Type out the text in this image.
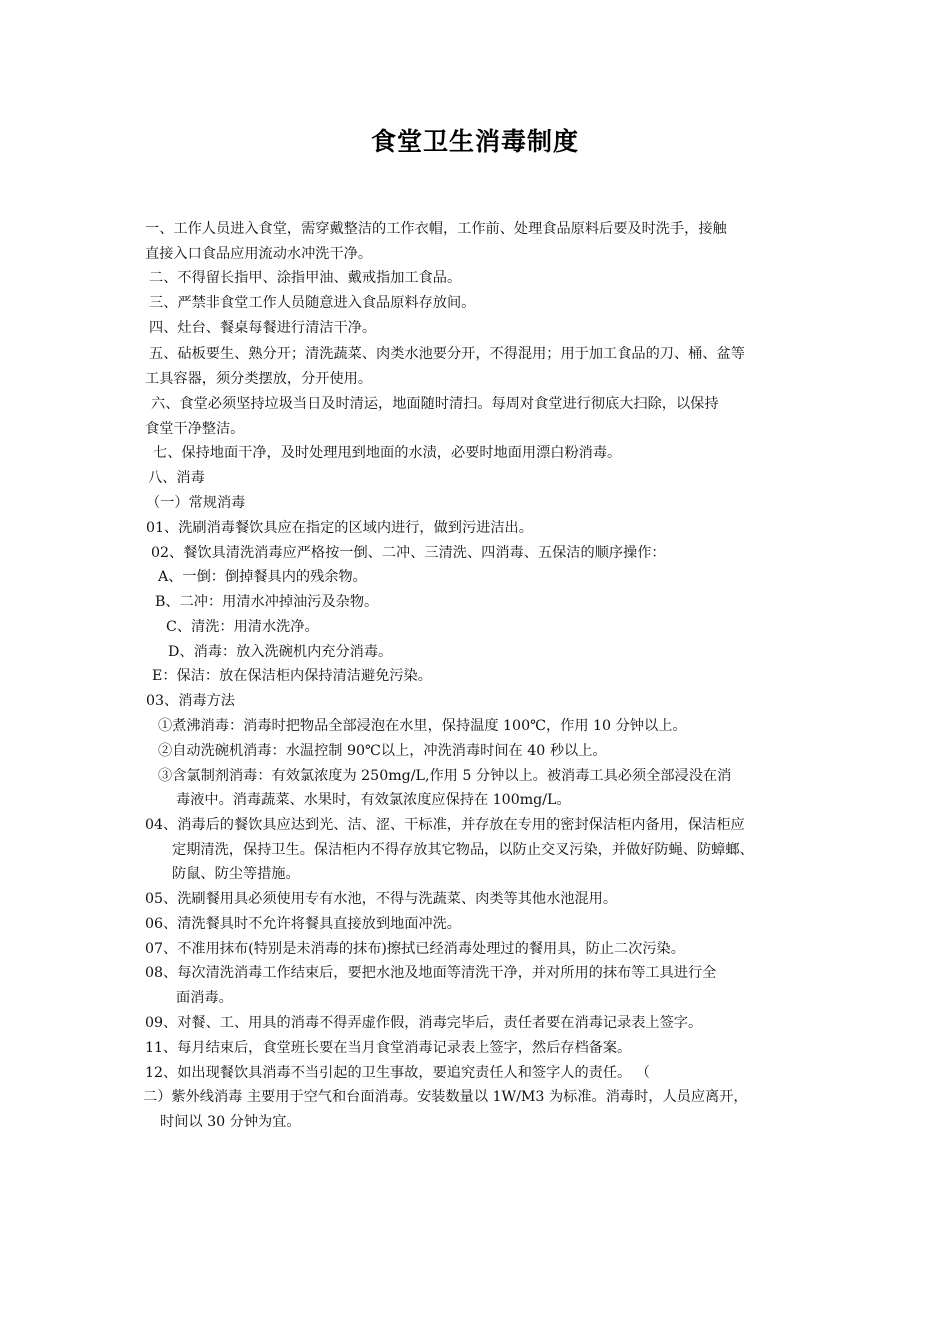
食堂卫生消毒制度
一、工作人员进入食堂，需穿戴整洁的工作衣帽，工作前、处理食品原料后要及时洗手，接触
直接入口食品应用流动水冲洗干净。
二、不得留长指甲、涂指甲油、戴戒指加工食品。
三、严禁非食堂工作人员随意进入食品原料存放间。
四、灶台、餐桌每餐进行清洁干净。
五、砧板要生、熟分开；清洗蔬菜、肉类水池要分开，不得混用；用于加工食品的刀、桶、盆等
工具容器，须分类摆放，分开使用。
六、食堂必须坚持垃圾当日及时清运，地面随时清扫。每周对食堂进行彻底大扫除，以保持
食堂干净整洁。
七、保持地面干净，及时处理甩到地面的水渍，必要时地面用漂白粉消毒。
八、消毒
（一）常规消毒
01、洗刷消毒餐饮具应在指定的区域内进行，做到污进洁出。
02、餐饮具清洗消毒应严格按一倒、二冲、三清洗、四消毒、五保洁的顺序操作：
A、一倒：倒掉餐具内的残余物。
B、二冲：用清水冲掉油污及杂物。
C、清洗：用清水洗净。
D、消毒：放入洗碗机内充分消毒。
E：保洁：放在保洁柜内保持清洁避免污染。
03、消毒方法
①煮沸消毒：消毒时把物品全部浸泡在水里，保持温度 100℃，作用 10 分钟以上。
②自动洗碗机消毒：水温控制 90℃以上，冲洗消毒时间在 40 秒以上。
③含氯制剂消毒：有效氯浓度为 250mg/L,作用 5 分钟以上。被消毒工具必须全部浸没在消
毒液中。消毒蔬菜、水果时，有效氯浓度应保持在 100mg/L。
04、消毒后的餐饮具应达到光、洁、涩、干标准，并存放在专用的密封保洁柜内备用，保洁柜应
定期清洗，保持卫生。保洁柜内不得存放其它物品，以防止交叉污染，并做好防蝇、防蟑螂、
防鼠、防尘等措施。
05、洗刷餐用具必须使用专有水池，不得与洗蔬菜、肉类等其他水池混用。
06、清洗餐具时不允许将餐具直接放到地面冲洗。
07、不准用抹布(特别是未消毒的抹布)擦拭已经消毒处理过的餐用具，防止二次污染。
08、每次清洗消毒工作结束后，要把水池及地面等清洗干净，并对所用的抹布等工具进行全
面消毒。
09、对餐、工、用具的消毒不得弄虚作假，消毒完毕后，责任者要在消毒记录表上签字。
11、每月结束后，食堂班长要在当月食堂消毒记录表上签字，然后存档备案。
12、如出现餐饮具消毒不当引起的卫生事故，要追究责任人和签字人的责任。 （
二）紫外线消毒 主要用于空气和台面消毒。安装数量以 1W/M3 为标准。消毒时，人员应离开，
时间以 30 分钟为宜。
